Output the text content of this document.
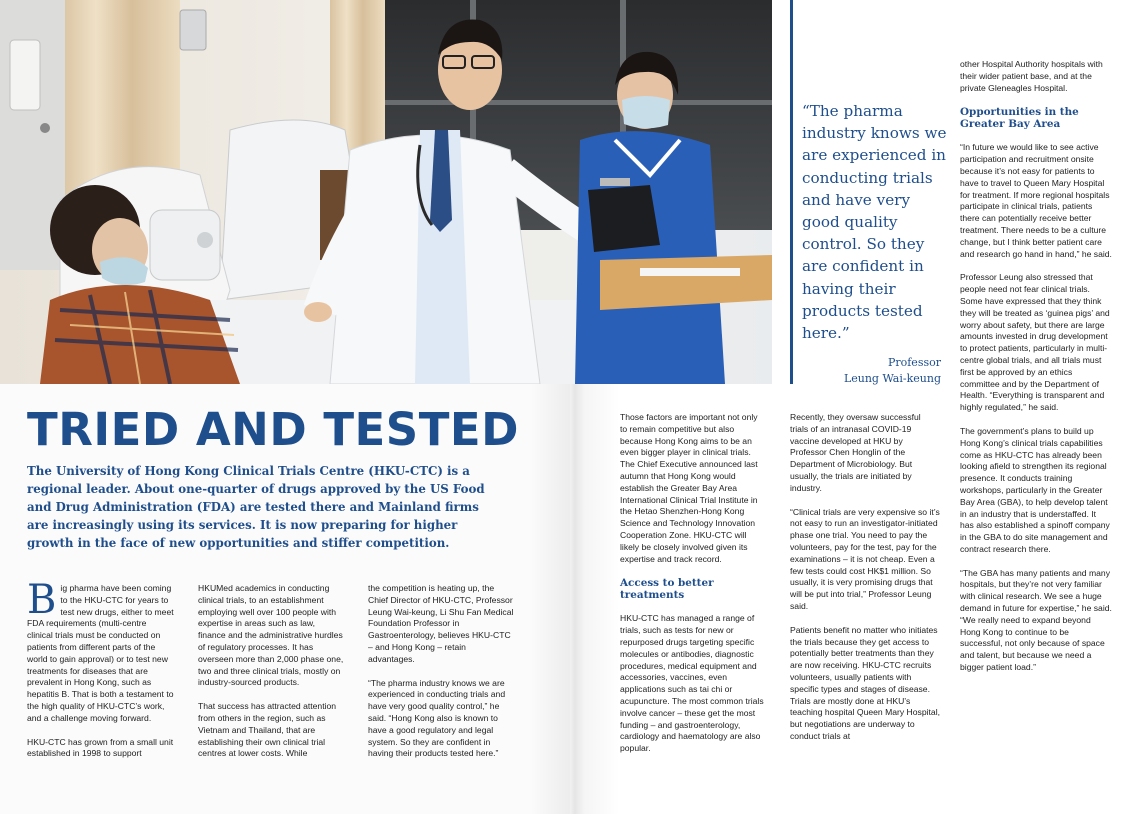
“The pharma industry knows we are experienced in conducting trials and have very good quality control. So they are confident in having their products tested here.”
Professor
Leung Wai-keung
TRIED AND TESTED
The University of Hong Kong Clinical Trials Centre (HKU-CTC) is a regional leader. About one-quarter of drugs approved by the US Food and Drug Administration (FDA) are tested there and Mainland firms are increasingly using its services. It is now preparing for higher growth in the face of new opportunities and stiffer competition.

Big pharma have been coming to the HKU-CTC for years to test new drugs, either to meet FDA requirements (multi-centre clinical trials must be conducted on patients from different parts of the world to gain approval) or to test new treatments for diseases that are prevalent in Hong Kong, such as hepatitis B. That is both a testament to the high quality of HKU-CTC’s work, and a challenge moving forward.

HKU-CTC has grown from a small unit established in 1998 to support

HKUMed academics in conducting clinical trials, to an establishment employing well over 100 people with expertise in areas such as law, finance and the administrative hurdles of regulatory processes. It has overseen more than 2,000 phase one, two and three clinical trials, mostly on industry-sourced products.

That success has attracted attention from others in the region, such as Vietnam and Thailand, that are establishing their own clinical trial centres at lower costs. While

the competition is heating up, the Chief Director of HKU-CTC, Professor Leung Wai-keung, Li Shu Fan Medical Foundation Professor in Gastroenterology, believes HKU-CTC – and Hong Kong – retain advantages.

“The pharma industry knows we are experienced in conducting trials and have very good quality control,” he said. “Hong Kong also is known to have a good regulatory and legal system. So they are confident in having their products tested here.”

Those factors are important not only to remain competitive but also because Hong Kong aims to be an even bigger player in clinical trials. The Chief Executive announced last autumn that Hong Kong would establish the Greater Bay Area International Clinical Trial Institute in the Hetao Shenzhen-Hong Kong Science and Technology Innovation Cooperation Zone. HKU-CTC will likely be closely involved given its expertise and track record.

Access to better treatments

HKU-CTC has managed a range of trials, such as tests for new or repurposed drugs targeting specific molecules or antibodies, diagnostic procedures, medical equipment and accessories, vaccines, even applications such as tai chi or acupuncture. The most common trials involve cancer – these get the most funding – and gastroenterology, cardiology and haematology are also popular.

Recently, they oversaw successful trials of an intranasal COVID-19 vaccine developed at HKU by Professor Chen Honglin of the Department of Microbiology. But usually, the trials are initiated by industry.

“Clinical trials are very expensive so it’s not easy to run an investigator-initiated phase one trial. You need to pay the volunteers, pay for the test, pay for the examinations – it is not cheap. Even a few tests could cost HK$1 million. So usually, it is very promising drugs that will be put into trial,” Professor Leung said.

Patients benefit no matter who initiates the trials because they get access to potentially better treatments than they are now receiving. HKU-CTC recruits volunteers, usually patients with specific types and stages of disease. Trials are mostly done at HKU’s teaching hospital Queen Mary Hospital, but negotiations are underway to conduct trials at

other Hospital Authority hospitals with their wider patient base, and at the private Gleneagles Hospital.

Opportunities in the Greater Bay Area

“In future we would like to see active participation and recruitment onsite because it’s not easy for patients to have to travel to Queen Mary Hospital for treatment. If more regional hospitals participate in clinical trials, patients there can potentially receive better treatment. There needs to be a culture change, but I think better patient care and research go hand in hand,” he said.

Professor Leung also stressed that people need not fear clinical trials. Some have expressed that they think they will be treated as ‘guinea pigs’ and worry about safety, but there are large amounts invested in drug development to protect patients, particularly in multi-centre global trials, and all trials must first be approved by an ethics committee and by the Department of Health. “Everything is transparent and highly regulated,” he said.

The government’s plans to build up Hong Kong’s clinical trials capabilities come as HKU-CTC has already been looking afield to strengthen its regional presence. It conducts training workshops, particularly in the Greater Bay Area (GBA), to help develop talent in an industry that is understaffed. It has also established a spinoff company in the GBA to do site management and contract research there.

“The GBA has many patients and many hospitals, but they’re not very familiar with clinical research. We see a huge demand in future for expertise,” he said. “We really need to expand beyond Hong Kong to continue to be successful, not only because of space and talent, but because we need a bigger patient load.”
